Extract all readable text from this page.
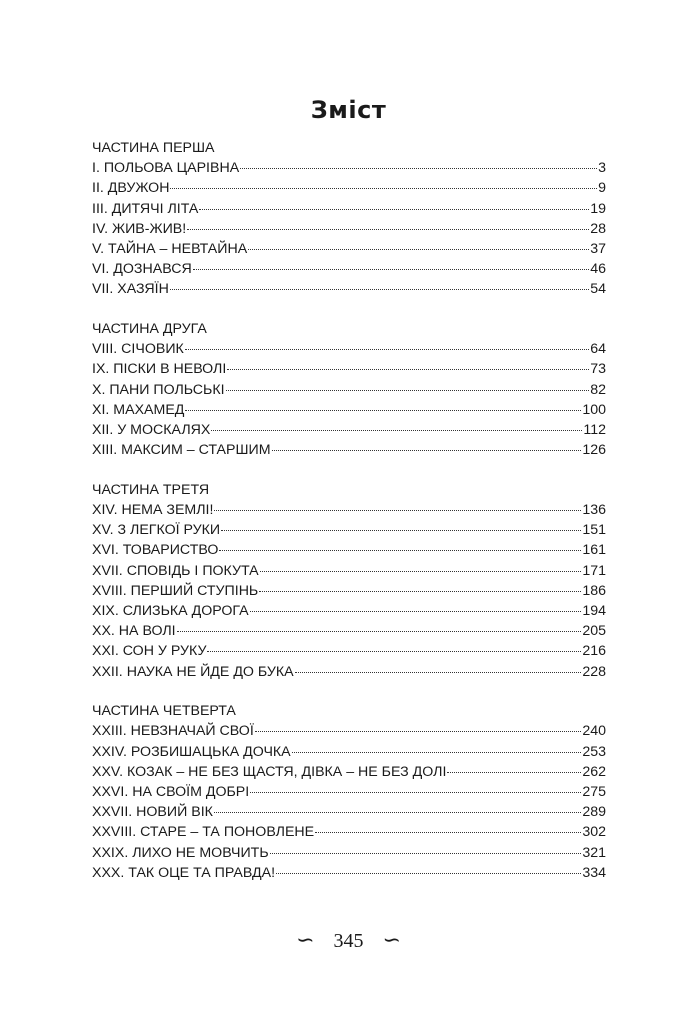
Зміст
ЧАСТИНА ПЕРША
I. ПОЛЬОВА ЦАРІВНА	3
II. ДВУЖОН	9
III. ДИТЯЧІ ЛІТА	19
IV. ЖИВ-ЖИВ!	28
V. ТАЙНА – НЕВТАЙНА	37
VI. ДОЗНАВСЯ	46
VII. ХАЗЯЇН	54
ЧАСТИНА ДРУГА
VIII. СІЧОВИК	64
IX. ПІСКИ В НЕВОЛІ	73
X. ПАНИ ПОЛЬСЬКІ	82
XI. МАХАМЕД	100
XII. У МОСКАЛЯХ	112
XIII. МАКСИМ – СТАРШИМ	126
ЧАСТИНА ТРЕТЯ
XIV. НЕМА ЗЕМЛІ!	136
XV. З ЛЕГКОЇ РУКИ	151
XVI. ТОВАРИСТВО	161
XVII. СПОВІДЬ І ПОКУТА	171
XVIII. ПЕРШИЙ СТУПІНЬ	186
XIX. СЛИЗЬКА ДОРОГА	194
XX. НА ВОЛІ	205
XXI. СОН У РУКУ	216
XXII. НАУКА НЕ ЙДЕ ДО БУКА	228
ЧАСТИНА ЧЕТВЕРТА
XXIII. НЕВЗНАЧАЙ СВОЇ	240
XXIV. РОЗБИШАЦЬКА ДОЧКА	253
XXV. КОЗАК – НЕ БЕЗ ЩАСТЯ, ДІВКА – НЕ БЕЗ ДОЛІ	262
XXVI. НА СВОЇМ ДОБРІ	275
XXVII. НОВИЙ ВІК	289
XXVIII. СТАРЕ – ТА ПОНОВЛЕНЕ	302
XXIX. ЛИХО НЕ МОВЧИТЬ	321
XXX. ТАК ОЦЕ ТА ПРАВДА!	334
∽ 345 ∽
